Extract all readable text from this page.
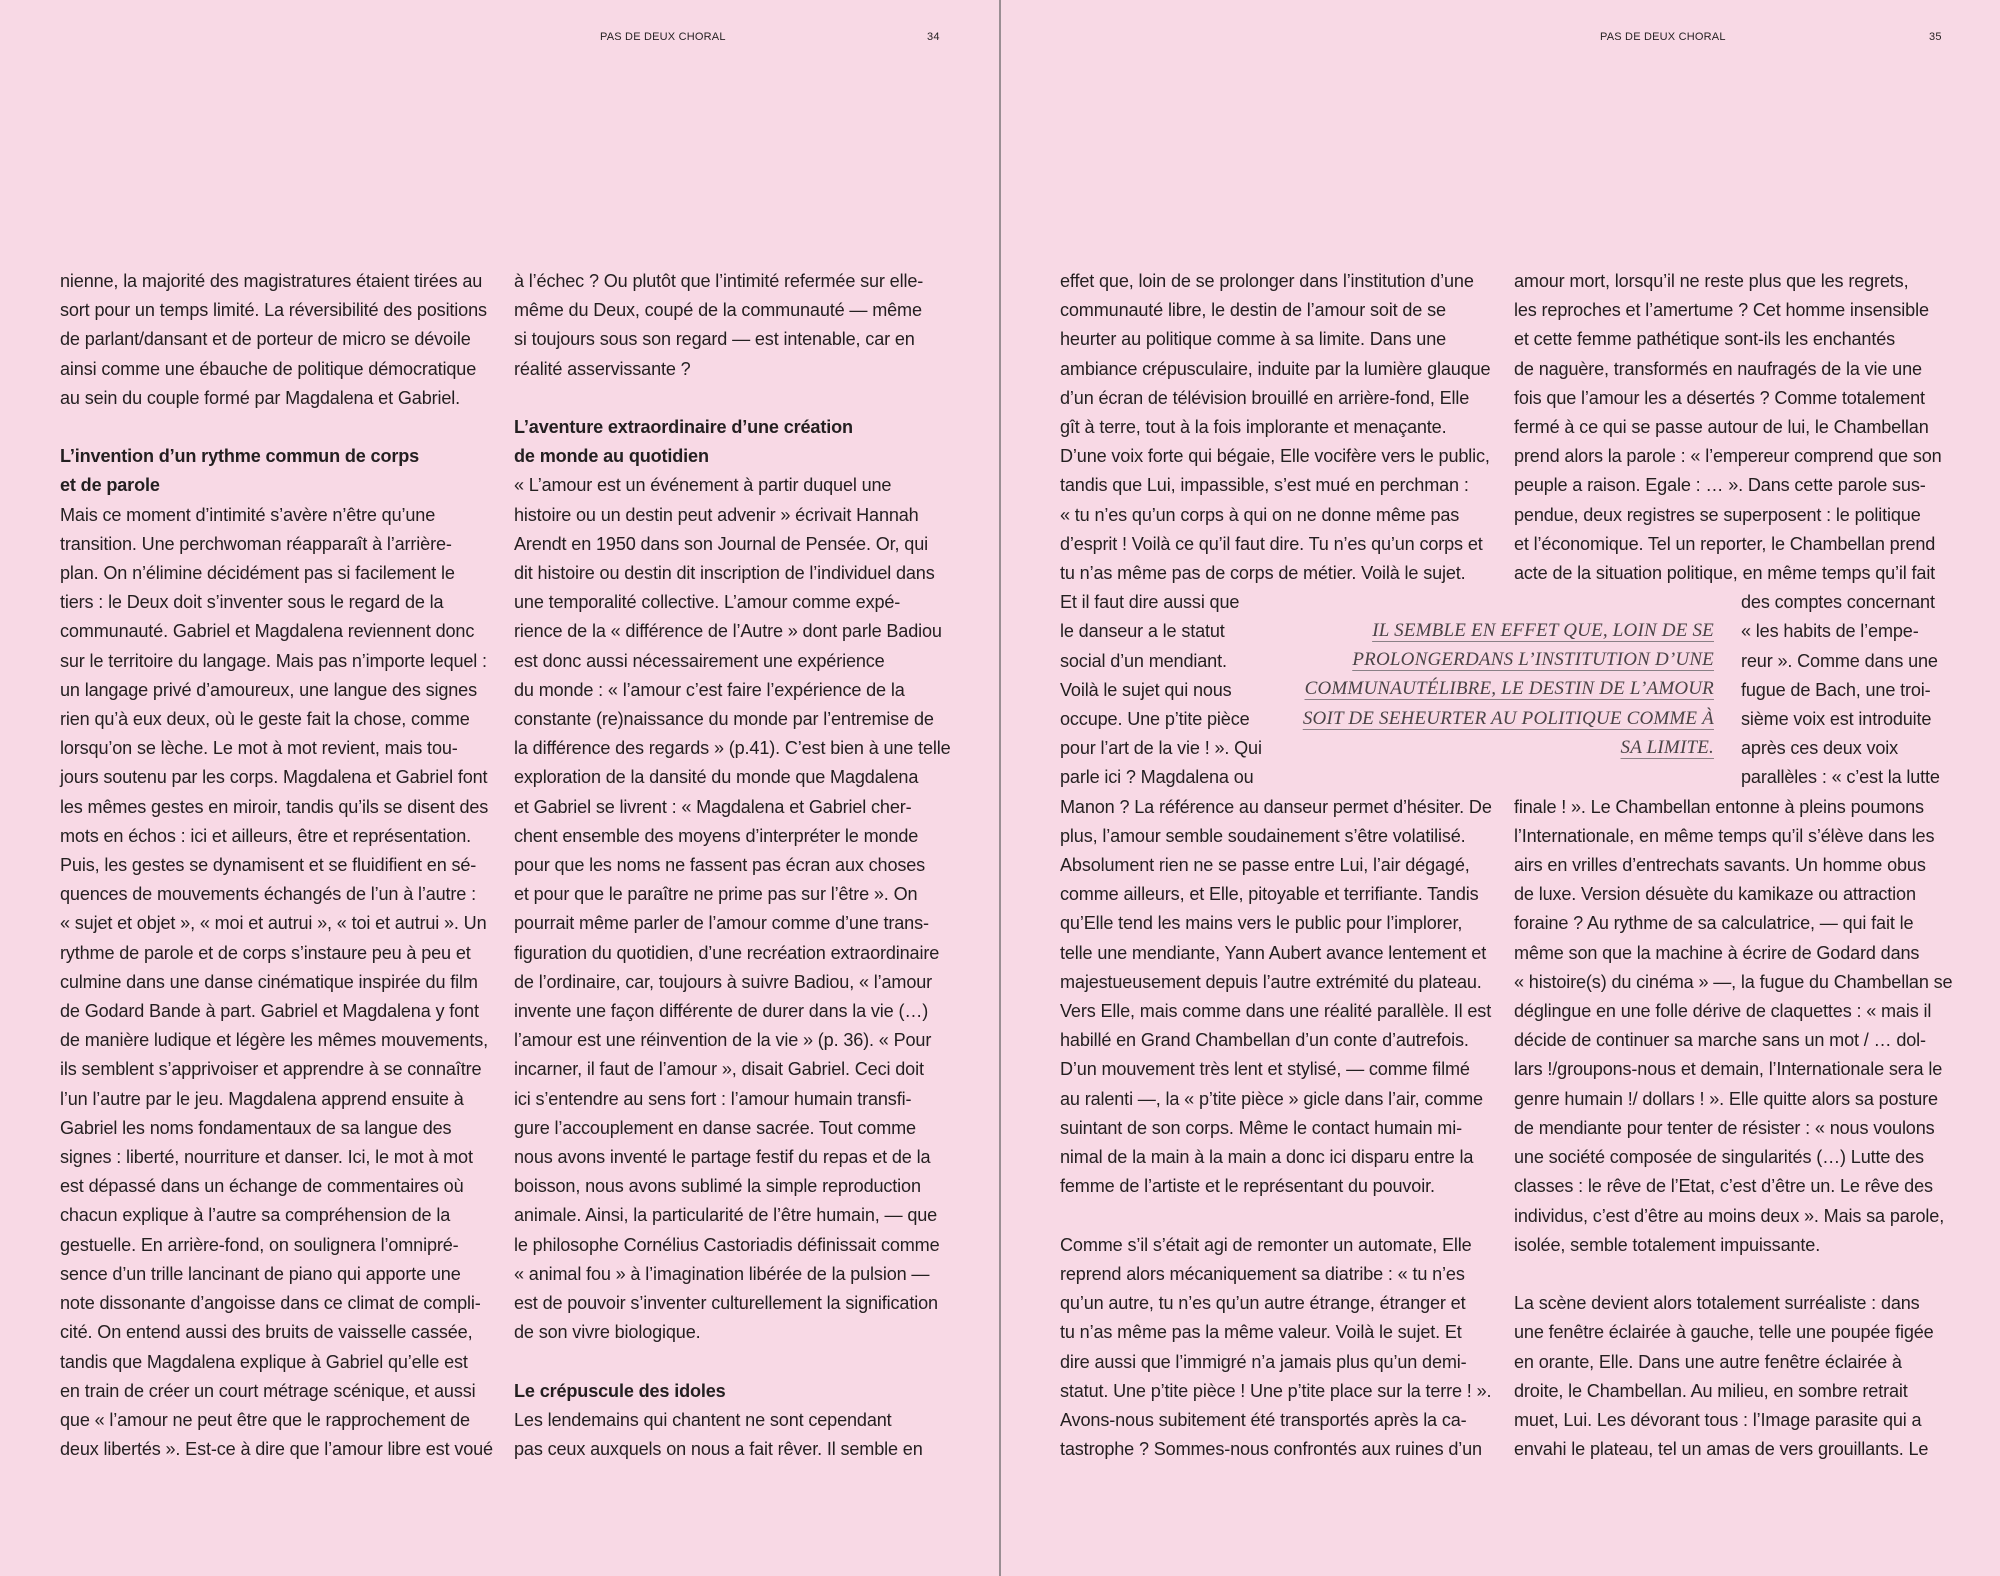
PAS DE DEUX CHORAL	34

nienne, la majorité des magistratures étaient tirées au
sort pour un temps limité. La réversibilité des positions
de parlant/dansant et de porteur de micro se dévoile
ainsi comme une ébauche de politique démocratique
au sein du couple formé par Magdalena et Gabriel.

L’invention d’un rythme commun de corps
et de parole

Mais ce moment d’intimité s’avère n’être qu’une
transition. Une perchwoman réapparaît à l’arrière-
plan. On n’élimine décidément pas si facilement le
tiers : le Deux doit s’inventer sous le regard de la
communauté. Gabriel et Magdalena reviennent donc
sur le territoire du langage. Mais pas n’importe lequel :
un langage privé d’amoureux, une langue des signes
rien qu’à eux deux, où le geste fait la chose, comme
lorsqu’on se lèche. Le mot à mot revient, mais tou-
jours soutenu par les corps. Magdalena et Gabriel font
les mêmes gestes en miroir, tandis qu’ils se disent des
mots en échos : ici et ailleurs, être et représentation.
Puis, les gestes se dynamisent et se fluidifient en sé-
quences de mouvements échangés de l’un à l’autre :
« sujet et objet », « moi et autrui », « toi et autrui ». Un
rythme de parole et de corps s’instaure peu à peu et
culmine dans une danse cinématique inspirée du film
de Godard Bande à part. Gabriel et Magdalena y font
de manière ludique et légère les mêmes mouvements,
ils semblent s’apprivoiser et apprendre à se connaître
l’un l’autre par le jeu. Magdalena apprend ensuite à
Gabriel les noms fondamentaux de sa langue des
signes : liberté, nourriture et danser. Ici, le mot à mot
est dépassé dans un échange de commentaires où
chacun explique à l’autre sa compréhension de la
gestuelle. En arrière-fond, on soulignera l’omnipré-
sence d’un trille lancinant de piano qui apporte une
note dissonante d’angoisse dans ce climat de compli-
cité. On entend aussi des bruits de vaisselle cassée,
tandis que Magdalena explique à Gabriel qu’elle est
en train de créer un court métrage scénique, et aussi
que « l’amour ne peut être que le rapprochement de
deux libertés ». Est-ce à dire que l’amour libre est voué

à l’échec ? Ou plutôt que l’intimité refermée sur elle-
même du Deux, coupé de la communauté — même
si toujours sous son regard — est intenable, car en
réalité asservissante ?

L’aventure extraordinaire d’une création
de monde au quotidien

« L’amour est un événement à partir duquel une
histoire ou un destin peut advenir » écrivait Hannah
Arendt en 1950 dans son Journal de Pensée. Or, qui
dit histoire ou destin dit inscription de l’individuel dans
une temporalité collective. L’amour comme expé-
rience de la « différence de l’Autre » dont parle Badiou
est donc aussi nécessairement une expérience
du monde : « l’amour c’est faire l’expérience de la
constante (re)naissance du monde par l’entremise de
la différence des regards » (p.41). C’est bien à une telle
exploration de la dansité du monde que Magdalena
et Gabriel se livrent : « Magdalena et Gabriel cher-
chent ensemble des moyens d’interpréter le monde
pour que les noms ne fassent pas écran aux choses
et pour que le paraître ne prime pas sur l’être ». On
pourrait même parler de l’amour comme d’une trans-
figuration du quotidien, d’une recréation extraordinaire
de l’ordinaire, car, toujours à suivre Badiou, « l’amour
invente une façon différente de durer dans la vie (…)
l’amour est une réinvention de la vie » (p. 36). « Pour
incarner, il faut de l’amour », disait Gabriel. Ceci doit
ici s’entendre au sens fort : l’amour humain transfi-
gure l’accouplement en danse sacrée. Tout comme
nous avons inventé le partage festif du repas et de la
boisson, nous avons sublimé la simple reproduction
animale. Ainsi, la particularité de l’être humain, — que
le philosophe Cornélius Castoriadis définissait comme
« animal fou » à l’imagination libérée de la pulsion —
est de pouvoir s’inventer culturellement la signification
de son vivre biologique.

Le crépuscule des idoles

Les lendemains qui chantent ne sont cependant
pas ceux auxquels on nous a fait rêver. Il semble en

PAS DE DEUX CHORAL	35

effet que, loin de se prolonger dans l’institution d’une
communauté libre, le destin de l’amour soit de se
heurter au politique comme à sa limite. Dans une
ambiance crépusculaire, induite par la lumière glauque
d’un écran de télévision brouillé en arrière-fond, Elle
gît à terre, tout à la fois implorante et menaçante.
D’une voix forte qui bégaie, Elle vocifère vers le public,
tandis que Lui, impassible, s’est mué en perchman :
« tu n’es qu’un corps à qui on ne donne même pas
d’esprit ! Voilà ce qu’il faut dire. Tu n’es qu’un corps et
tu n’as même pas de corps de métier. Voilà le sujet.

Et il faut dire aussi que
le danseur a le statut
social d’un mendiant.
Voilà le sujet qui nous
occupe. Une p’tite pièce
pour l’art de la vie ! ». Qui
parle ici ? Magdalena ou

Manon ? La référence au danseur permet d’hésiter. De
plus, l’amour semble soudainement s’être volatilisé.
Absolument rien ne se passe entre Lui, l’air dégagé,
comme ailleurs, et Elle, pitoyable et terrifiante. Tandis
qu’Elle tend les mains vers le public pour l’implorer,
telle une mendiante, Yann Aubert avance lentement et
majestueusement depuis l’autre extrémité du plateau.
Vers Elle, mais comme dans une réalité parallèle. Il est
habillé en Grand Chambellan d’un conte d’autrefois.
D’un mouvement très lent et stylisé, — comme filmé
au ralenti —, la « p’tite pièce » gicle dans l’air, comme
suintant de son corps. Même le contact humain mi-
nimal de la main à la main a donc ici disparu entre la
femme de l’artiste et le représentant du pouvoir.

Comme s’il s’était agi de remonter un automate, Elle
reprend alors mécaniquement sa diatribe : « tu n’es
qu’un autre, tu n’es qu’un autre étrange, étranger et
tu n’as même pas la même valeur. Voilà le sujet. Et
dire aussi que l’immigré n’a jamais plus qu’un demi-
statut. Une p’tite pièce ! Une p’tite place sur la terre ! ».
Avons-nous subitement été transportés après la ca-
tastrophe ? Sommes-nous confrontés aux ruines d’un

amour mort, lorsqu’il ne reste plus que les regrets,
les reproches et l’amertume ? Cet homme insensible
et cette femme pathétique sont-ils les enchantés
de naguère, transformés en naufragés de la vie une
fois que l’amour les a désertés ? Comme totalement
fermé à ce qui se passe autour de lui, le Chambellan
prend alors la parole : « l’empereur comprend que son
peuple a raison. Egale : … ». Dans cette parole sus-
pendue, deux registres se superposent : le politique
et l’économique. Tel un reporter, le Chambellan prend
acte de la situation politique, en même temps qu’il fait

des comptes concernant
« les habits de l’empe-
reur ». Comme dans une
fugue de Bach, une troi-
sième voix est introduite
après ces deux voix
parallèles : « c’est la lutte

finale ! ». Le Chambellan entonne à pleins poumons
l’Internationale, en même temps qu’il s’élève dans les
airs en vrilles d’entrechats savants. Un homme obus
de luxe. Version désuète du kamikaze ou attraction
foraine ? Au rythme de sa calculatrice, — qui fait le
même son que la machine à écrire de Godard dans
« histoire(s) du cinéma » —, la fugue du Chambellan se
déglingue en une folle dérive de claquettes : « mais il
décide de continuer sa marche sans un mot / … dol-
lars !/groupons-nous et demain, l’Internationale sera le
genre humain !/ dollars ! ». Elle quitte alors sa posture
de mendiante pour tenter de résister : « nous voulons
une société composée de singularités (…) Lutte des
classes : le rêve de l’Etat, c’est d’être un. Le rêve des
individus, c’est d’être au moins deux ». Mais sa parole,
isolée, semble totalement impuissante.

La scène devient alors totalement surréaliste : dans
une fenêtre éclairée à gauche, telle une poupée figée
en orante, Elle. Dans une autre fenêtre éclairée à
droite, le Chambellan. Au milieu, en sombre retrait
muet, Lui. Les dévorant tous : l’Image parasite qui a
envahi le plateau, tel un amas de vers grouillants. Le

IL SEMBLE EN EFFET QUE, LOIN DE SE PROLONGERDANS L’INSTITUTION D’UNE COMMUNAUTÉLIBRE, LE DESTIN DE L’AMOUR SOIT DE SEHEURTER AU POLITIQUE COMME À SA LIMITE.
